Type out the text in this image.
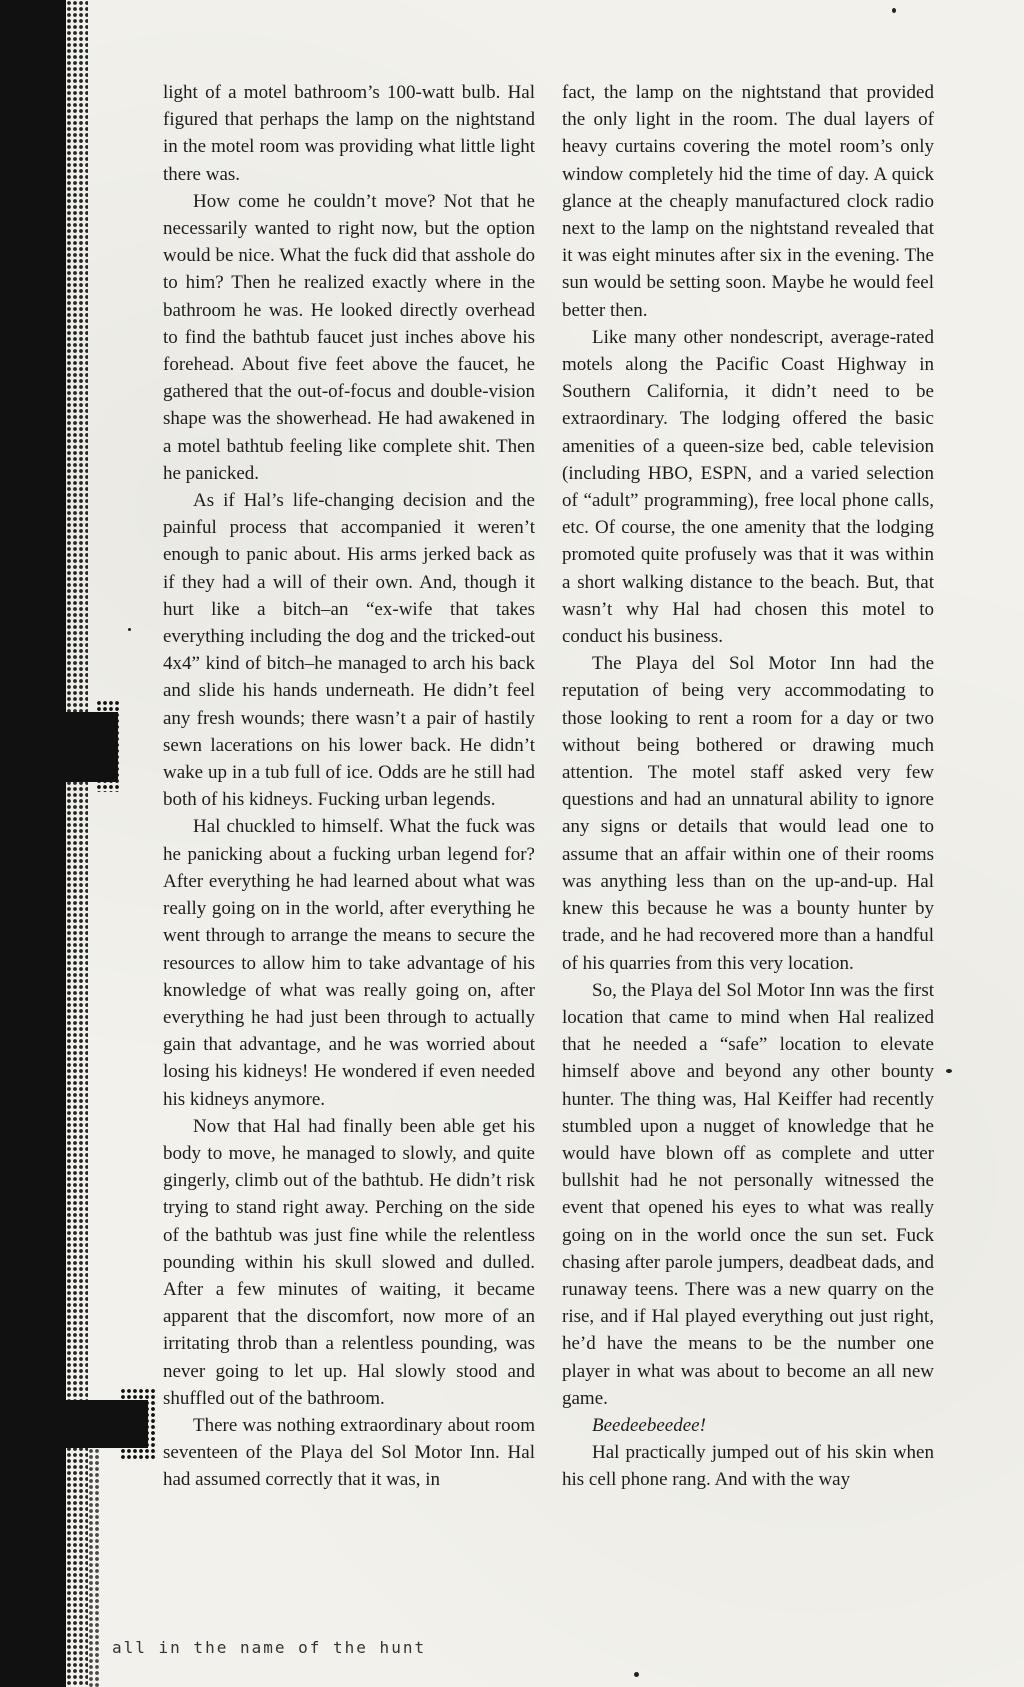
light of a motel bathroom’s 100-watt bulb. Hal figured that perhaps the lamp on the nightstand in the motel room was providing what little light there was.

How come he couldn’t move? Not that he necessarily wanted to right now, but the option would be nice. What the fuck did that asshole do to him? Then he realized exactly where in the bathroom he was. He looked directly overhead to find the bathtub faucet just inches above his forehead. About five feet above the faucet, he gathered that the out-of-focus and double-vision shape was the showerhead. He had awakened in a motel bathtub feeling like complete shit. Then he panicked.

As if Hal’s life-changing decision and the painful process that accompanied it weren’t enough to panic about. His arms jerked back as if they had a will of their own. And, though it hurt like a bitch–an “ex-wife that takes everything including the dog and the tricked-out 4x4” kind of bitch–he managed to arch his back and slide his hands underneath. He didn’t feel any fresh wounds; there wasn’t a pair of hastily sewn lacerations on his lower back. He didn’t wake up in a tub full of ice. Odds are he still had both of his kidneys. Fucking urban legends.

Hal chuckled to himself. What the fuck was he panicking about a fucking urban legend for? After everything he had learned about what was really going on in the world, after everything he went through to arrange the means to secure the resources to allow him to take advantage of his knowledge of what was really going on, after everything he had just been through to actually gain that advantage, and he was worried about losing his kidneys! He wondered if even needed his kidneys anymore.

Now that Hal had finally been able get his body to move, he managed to slowly, and quite gingerly, climb out of the bathtub. He didn’t risk trying to stand right away. Perching on the side of the bathtub was just fine while the relentless pounding within his skull slowed and dulled. After a few minutes of waiting, it became apparent that the discomfort, now more of an irritating throb than a relentless pounding, was never going to let up. Hal slowly stood and shuffled out of the bathroom.

There was nothing extraordinary about room seventeen of the Playa del Sol Motor Inn. Hal had assumed correctly that it was, in

fact, the lamp on the nightstand that provided the only light in the room. The dual layers of heavy curtains covering the motel room’s only window completely hid the time of day. A quick glance at the cheaply manufactured clock radio next to the lamp on the nightstand revealed that it was eight minutes after six in the evening. The sun would be setting soon. Maybe he would feel better then.

Like many other nondescript, average-rated motels along the Pacific Coast Highway in Southern California, it didn’t need to be extraordinary. The lodging offered the basic amenities of a queen-size bed, cable television (including HBO, ESPN, and a varied selection of “adult” programming), free local phone calls, etc. Of course, the one amenity that the lodging promoted quite profusely was that it was within a short walking distance to the beach. But, that wasn’t why Hal had chosen this motel to conduct his business.

The Playa del Sol Motor Inn had the reputation of being very accommodating to those looking to rent a room for a day or two without being bothered or drawing much attention. The motel staff asked very few questions and had an unnatural ability to ignore any signs or details that would lead one to assume that an affair within one of their rooms was anything less than on the up-and-up. Hal knew this because he was a bounty hunter by trade, and he had recovered more than a handful of his quarries from this very location.

So, the Playa del Sol Motor Inn was the first location that came to mind when Hal realized that he needed a “safe” location to elevate himself above and beyond any other bounty hunter. The thing was, Hal Keiffer had recently stumbled upon a nugget of knowledge that he would have blown off as complete and utter bullshit had he not personally witnessed the event that opened his eyes to what was really going on in the world once the sun set. Fuck chasing after parole jumpers, deadbeat dads, and runaway teens. There was a new quarry on the rise, and if Hal played everything out just right, he’d have the means to be the number one player in what was about to become an all new game.

Beedeebeedee!

Hal practically jumped out of his skin when his cell phone rang. And with the way

all in the name of the hunt
